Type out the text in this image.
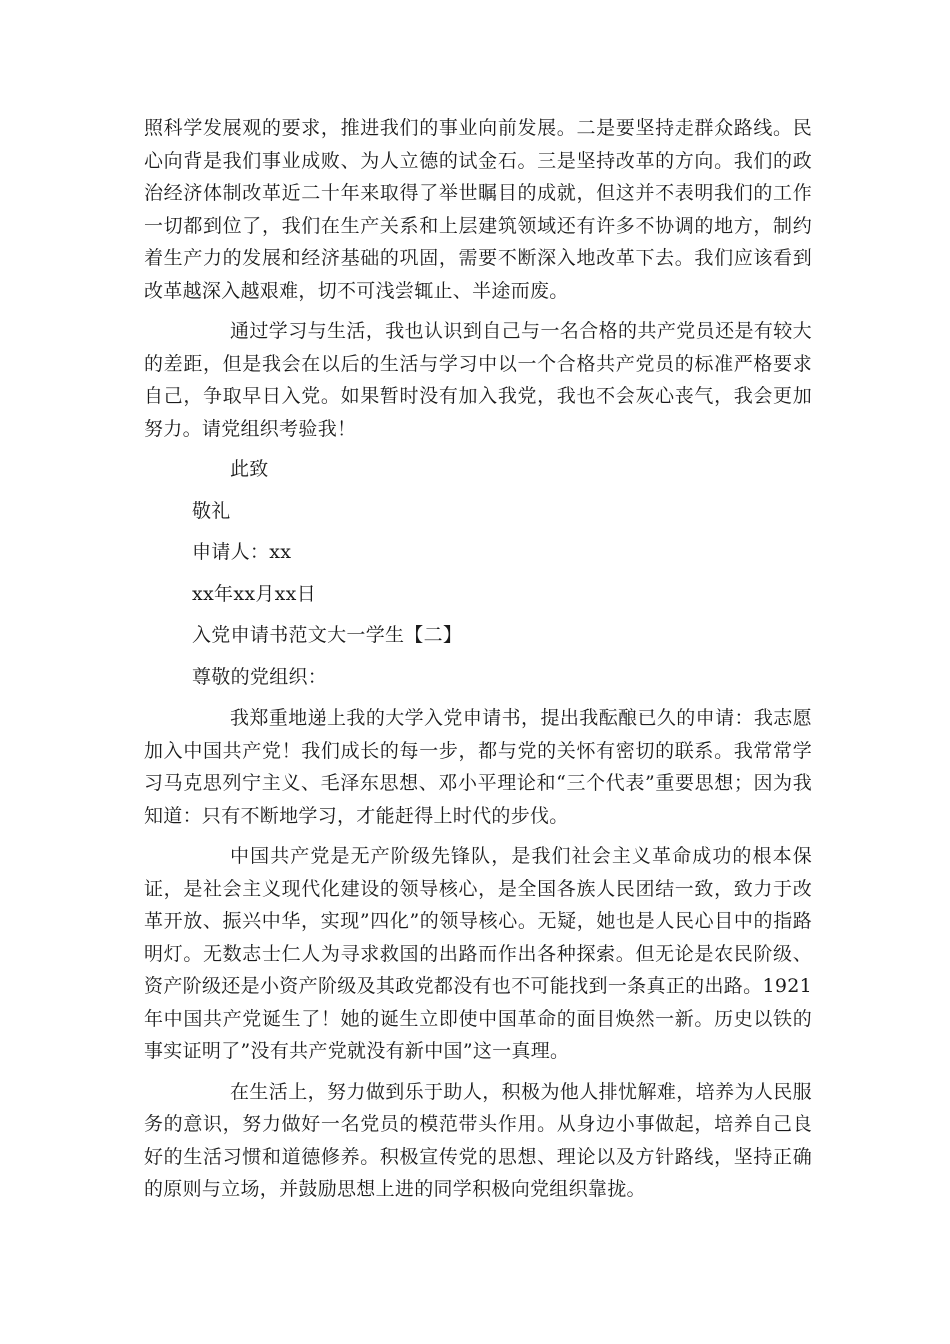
照科学发展观的要求，推进我们的事业向前发展。二是要坚持走群众路线。民心向背是我们事业成败、为人立德的试金石。三是坚持改革的方向。我们的政治经济体制改革近二十年来取得了举世瞩目的成就，但这并不表明我们的工作一切都到位了，我们在生产关系和上层建筑领域还有许多不协调的地方，制约着生产力的发展和经济基础的巩固，需要不断深入地改革下去。我们应该看到改革越深入越艰难，切不可浅尝辄止、半途而废。

通过学习与生活，我也认识到自己与一名合格的共产党员还是有较大的差距，但是我会在以后的生活与学习中以一个合格共产党员的标准严格要求自己，争取早日入党。如果暂时没有加入我党，我也不会灰心丧气，我会更加努力。请党组织考验我！

此致
敬礼
申请人：xx
xx年xx月xx日
入党申请书范文大一学生【二】
尊敬的党组织：

我郑重地递上我的大学入党申请书，提出我酝酿已久的申请：我志愿加入中国共产党！我们成长的每一步，都与党的关怀有密切的联系。我常常学习马克思列宁主义、毛泽东思想、邓小平理论和“三个代表”重要思想；因为我知道：只有不断地学习，才能赶得上时代的步伐。

中国共产党是无产阶级先锋队，是我们社会主义革命成功的根本保证，是社会主义现代化建设的领导核心，是全国各族人民团结一致，致力于改革开放、振兴中华，实现”四化”的领导核心。无疑，她也是人民心目中的指路明灯。无数志士仁人为寻求救国的出路而作出各种探索。但无论是农民阶级、资产阶级还是小资产阶级及其政党都没有也不可能找到一条真正的出路。1921年中国共产党诞生了！她的诞生立即使中国革命的面目焕然一新。历史以铁的事实证明了”没有共产党就没有新中国”这一真理。

在生活上，努力做到乐于助人，积极为他人排忧解难，培养为人民服务的意识，努力做好一名党员的模范带头作用。从身边小事做起，培养自己良好的生活习惯和道德修养。积极宣传党的思想、理论以及方针路线，坚持正确的原则与立场，并鼓励思想上进的同学积极向党组织靠拢。
